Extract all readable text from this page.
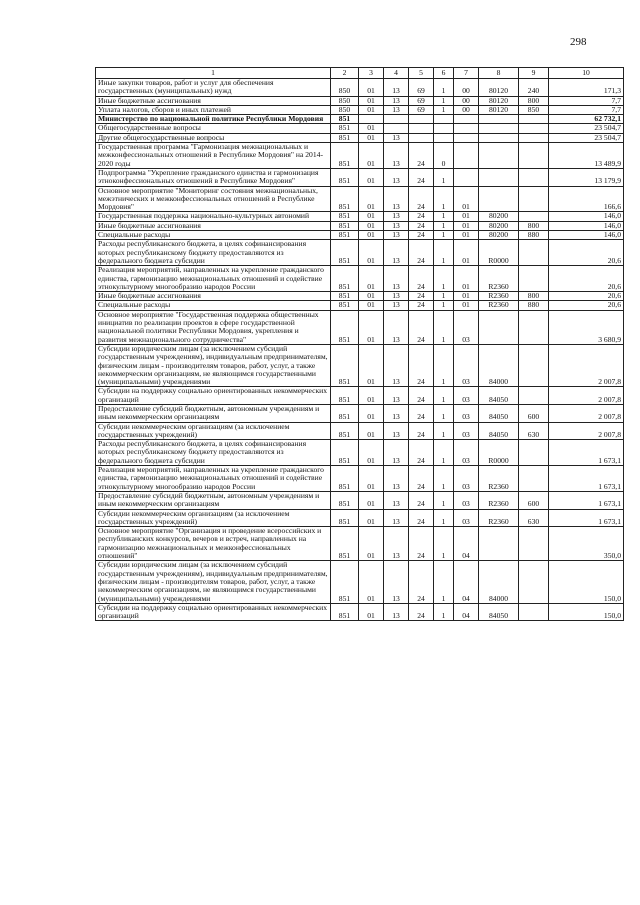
298
1	2	3	4	5	6	7	8	9	10
Иные закупки товаров, работ и услуг для обеспечения государственных (муниципальных) нужд	850	01	13	69	1	00	80120	240	171,3
Иные бюджетные ассигнования	850	01	13	69	1	00	80120	800	7,7
Уплата налогов, сборов и иных платежей	850	01	13	69	1	00	80120	850	7,7
Министерство по национальной политике Республики Мордовия	851								62 732,1
Общегосударственные вопросы	851	01							23 504,7
Другие общегосударственные вопросы	851	01	13						23 504,7
Государственная программа "Гармонизация межнациональных и межконфессиональных отношений в Республике Мордовия" на 2014-2020 годы	851	01	13	24	0				13 489,9
Подпрограмма "Укрепление гражданского единства и гармонизация этноконфессиональных отношений в Республике Мордовия"	851	01	13	24	1				13 179,9
Основное мероприятие "Мониторинг состояния межнациональных, межэтнических и межконфессиональных отношений в Республике Мордовия"	851	01	13	24	1	01			166,6
Государственная поддержка национально-культурных автономий	851	01	13	24	1	01	80200		146,0
Иные бюджетные ассигнования	851	01	13	24	1	01	80200	800	146,0
Специальные расходы	851	01	13	24	1	01	80200	880	146,0
Расходы республиканского бюджета, в целях софинансирования которых республиканскому бюджету предоставляются из федерального бюджета субсидии	851	01	13	24	1	01	R0000		20,6
Реализация мероприятий, направленных на укрепление гражданского единства, гармонизацию межнациональных отношений и содействие этнокультурному многообразию народов России	851	01	13	24	1	01	R2360		20,6
Иные бюджетные ассигнования	851	01	13	24	1	01	R2360	800	20,6
Специальные расходы	851	01	13	24	1	01	R2360	880	20,6
Основное мероприятие "Государственная поддержка общественных инициатив по реализации проектов в сфере государственной национальной политики Республики Мордовия, укрепления и развития межнационального сотрудничества"	851	01	13	24	1	03			3 680,9
Субсидии юридическим лицам (за исключением субсидий государственным учреждениям), индивидуальным предпринимателям, физическим лицам - производителям товаров, работ, услуг, а также некоммерческим организациям, не являющимся государственными (муниципальными) учреждениями	851	01	13	24	1	03	84000		2 007,8
Субсидии на поддержку социально ориентированных некоммерческих организаций	851	01	13	24	1	03	84050		2 007,8
Предоставление субсидий бюджетным, автономным учреждениям и иным некоммерческим организациям	851	01	13	24	1	03	84050	600	2 007,8
Субсидии некоммерческим организациям (за исключением государственных учреждений)	851	01	13	24	1	03	84050	630	2 007,8
Расходы республиканского бюджета, в целях софинансирования которых республиканскому бюджету предоставляются из федерального бюджета субсидии	851	01	13	24	1	03	R0000		1 673,1
Реализация мероприятий, направленных на укрепление гражданского единства, гармонизацию межнациональных отношений и содействие этнокультурному многообразию народов России	851	01	13	24	1	03	R2360		1 673,1
Предоставление субсидий бюджетным, автономным учреждениям и иным некоммерческим организациям	851	01	13	24	1	03	R2360	600	1 673,1
Субсидии некоммерческим организациям (за исключением государственных учреждений)	851	01	13	24	1	03	R2360	630	1 673,1
Основное мероприятие "Организация и проведение всероссийских и республиканских конкурсов, вечеров и встреч, направленных на гармонизацию межнациональных и межконфессиональных отношений"	851	01	13	24	1	04			350,0
Субсидии юридическим лицам (за исключением субсидий государственным учреждениям), индивидуальным предпринимателям, физическим лицам - производителям товаров, работ, услуг, а также некоммерческим организациям, не являющимся государственными (муниципальными) учреждениями	851	01	13	24	1	04	84000		150,0
Субсидии на поддержку социально ориентированных некоммерческих организаций	851	01	13	24	1	04	84050		150,0
